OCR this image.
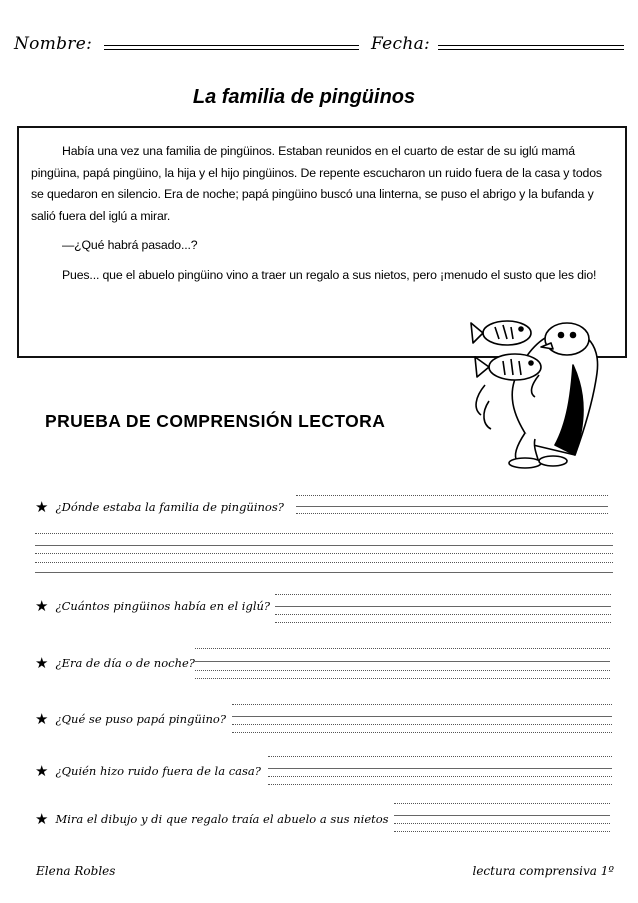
Nombre:	Fecha:
La familia de pingüinos

Había una vez una familia de pingüinos. Estaban reunidos en el cuarto de estar de su iglú mamá pingüina, papá pingüino, la hija y el hijo pingüinos. De repente escucharon un ruido fuera de la casa y todos se quedaron en silencio. Era de noche; papá pingüino buscó una linterna, se puso el abrigo y la bufanda y salió fuera del iglú a mirar.

—¿Qué habrá pasado...?

Pues... que el abuelo pingüino vino a traer un regalo a sus nietos, pero ¡menudo el susto que les dio!

PRUEBA DE COMPRENSIÓN LECTORA
★ ¿Dónde estaba la familia de pingüinos?
★ ¿Cuántos pingüinos había en el iglú?
★ ¿Era de día o de noche?
★ ¿Qué se puso papá pingüino?
★ ¿Quién hizo ruido fuera de la casa?
★ Mira el dibujo y di que regalo traía el abuelo a sus nietos
Elena Robles	lectura comprensiva 1º
